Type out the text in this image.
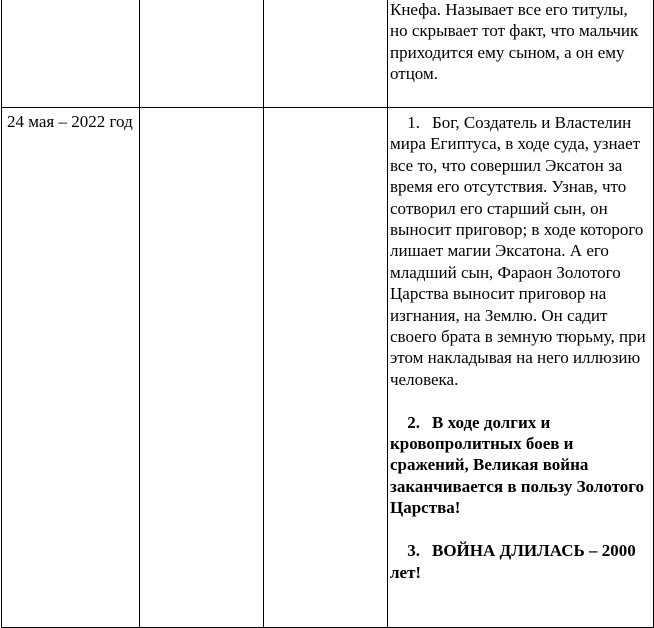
			Кнефа. Называет все его титулы, но скрывает тот факт, что мальчик приходится ему сыном, а он ему отцом.
24 мая – 2022 год			1. Бог, Создатель и Властелин мира Египтуса, в ходе суда, узнает все то, что совершил Эксатон за время его отсутствия. Узнав, что сотворил его старший сын, он выносит приговор; в ходе которого лишает магии Эксатона. А его младший сын, Фараон Золотого Царства выносит приговор на изгнания, на Землю. Он садит своего брата в земную тюрьму, при этом накладывая на него иллюзию человека.

2. В ходе долгих и кровопролитных боев и сражений, Великая война заканчивается в пользу Золотого Царства!

3. ВОЙНА ДЛИЛАСЬ – 2000 лет!
